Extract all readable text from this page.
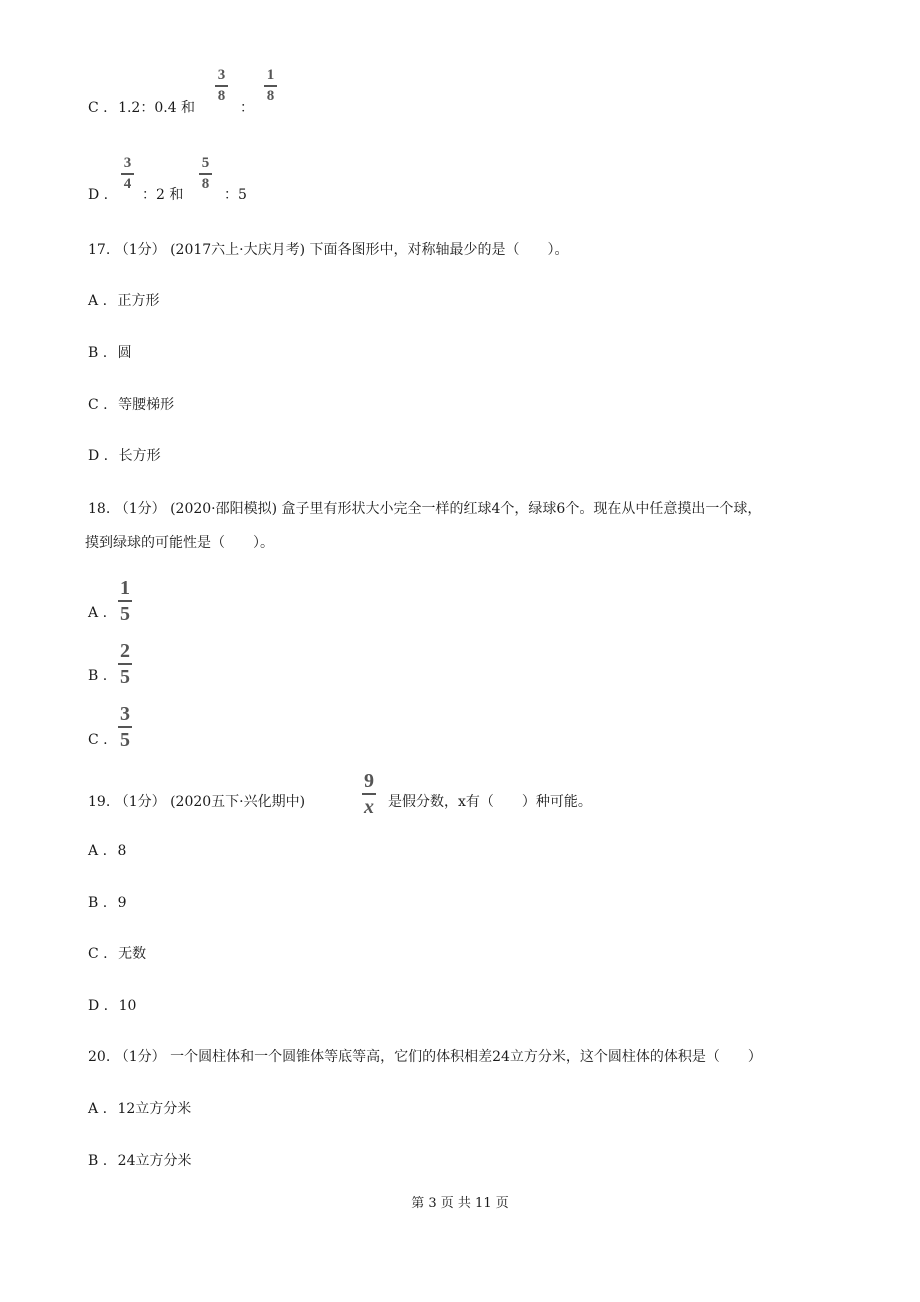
C . 1.2：0.4 和
3
8
：
1
8
D .
3
4
：2 和
5
8
：5
17. （1分） (2017六上·大庆月考) 下面各图形中，对称轴最少的是（　　）。
A . 正方形
B . 圆
C . 等腰梯形
D . 长方形
18. （1分） (2020·邵阳模拟) 盒子里有形状大小完全一样的红球4个，绿球6个。现在从中任意摸出一个球，
摸到绿球的可能性是（　　）。
A .
1
5
B .
2
5
C .
3
5
19. （1分） (2020五下·兴化期中)
9
x 是假分数，x有（　　）种可能。
A . 8
B . 9
C . 无数
D . 10
20. （1分） 一个圆柱体和一个圆锥体等底等高，它们的体积相差24立方分米，这个圆柱体的体积是（　　）
A . 12立方分米
B . 24立方分米
第 3 页 共 11 页
